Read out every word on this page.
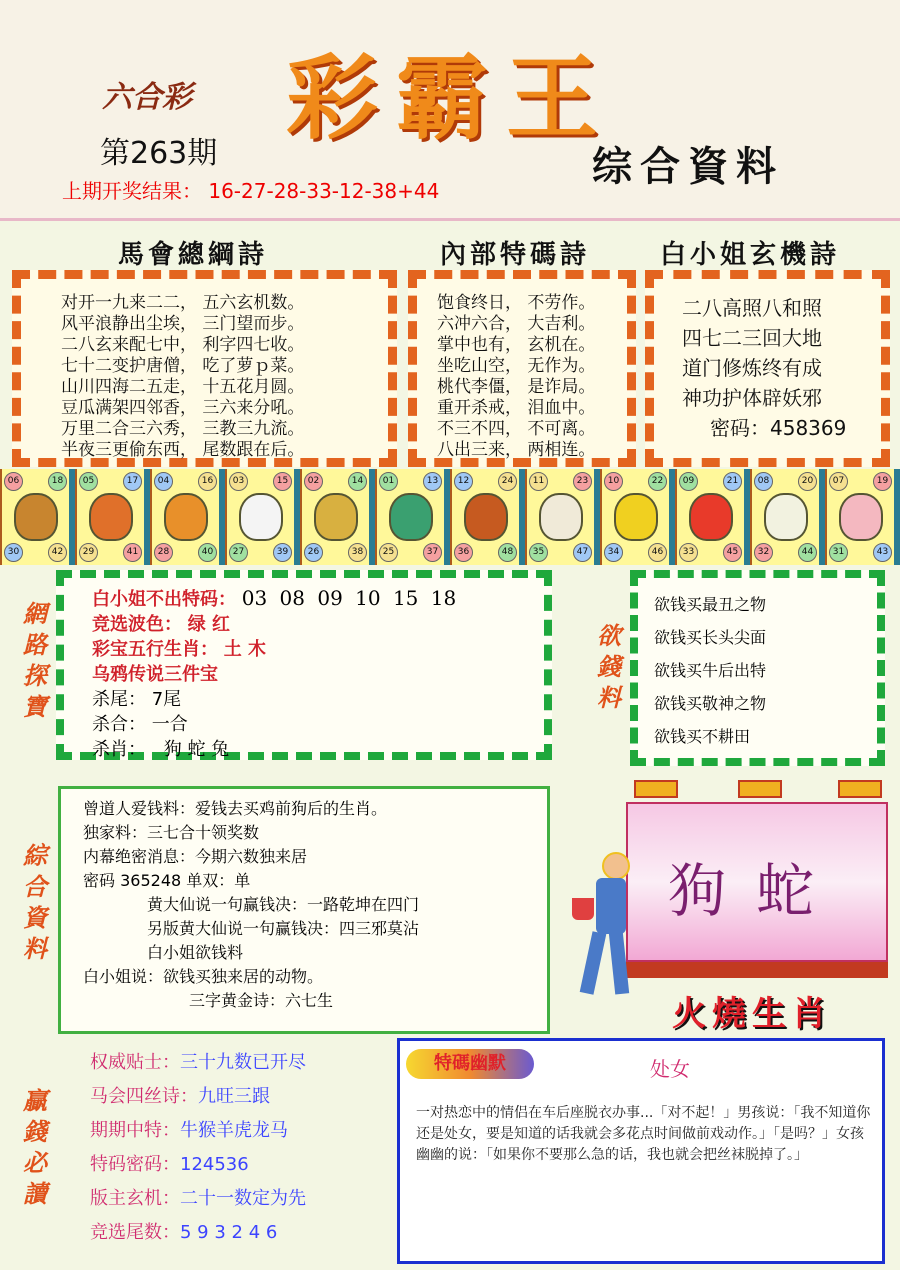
六合彩 彩霸王
第263期	综合資料
上期开奖结果： 16-27-28-33-12-38+44
馬會總綱詩	內部特碼詩	白小姐玄機詩
对开一九来二二， 五六玄机数。
风平浪静出尘埃， 三门望而步。
二八玄来配七中， 利字四七收。
七十二变护唐僧， 吃了萝ｐ菜。
山川四海二五走， 十五花月圆。
豆瓜满架四邻香， 三六来分吼。
万里二合三六秀， 三教三九流。
半夜三更偷东西， 尾数跟在后。
饱食终日， 不劳作。
六冲六合， 大吉利。
掌中也有， 玄机在。
坐吃山空， 无作为。
桃代李僵， 是诈局。
重开杀戒， 泪血中。
不三不四， 不可离。
八出三来， 两相连。
二八高照八和照
四七二三回大地
道门修炼终有成
神功护体辟妖邪
密码：458369
06	18
30	42
05	17
29	41
04	16
28	40
03	15
27	39
02	14
26	38
01	13
25	37
12	24
36	48
11	23
35	47
10	22
34	46
09	21
33	45
08	20
32	44
07	19
31	43
網路探寶
白小姐不出特码： 03 08 09 10 15 18
竞选波色： 绿 红
彩宝五行生肖： 土 木
乌鸦传说三件宝
杀尾： 7尾
杀合： 一合
杀肖： 狗 蛇 兔
欲錢料
欲钱买最丑之物
欲钱买长头尖面
欲钱买牛后出特
欲钱买敬神之物
欲钱买不耕田
綜合資料
曾道人爱钱料：爱钱去买鸡前狗后的生肖。
独家料：三七合十领奖数
内幕绝密消息：今期六数独来居
密码 365248 单双：单
黄大仙说一句赢钱决：一路乾坤在四门
另版黄大仙说一句赢钱决：四三邪莫沾
白小姐欲钱料
白小姐说：欲钱买独来居的动物。
三字黄金诗：六七生
狗蛇
火燒生肖
贏錢必讀
权威贴士：三十九数已开尽
马会四丝诗：九旺三跟
期期中特：牛猴羊虎龙马
特码密码：124536
版主玄机：二十一数定为先
竞选尾数：5 9 3 2 4 6
特碼幽默	处女
一对热恋中的情侣在车后座脱衣办事...「对不起！」男孩说：「我不知道你还是处女，要是知道的话我就会多花点时间做前戏动作。」「是吗？」女孩幽幽的说：「如果你不要那么急的话，我也就会把丝袜脱掉了。」
